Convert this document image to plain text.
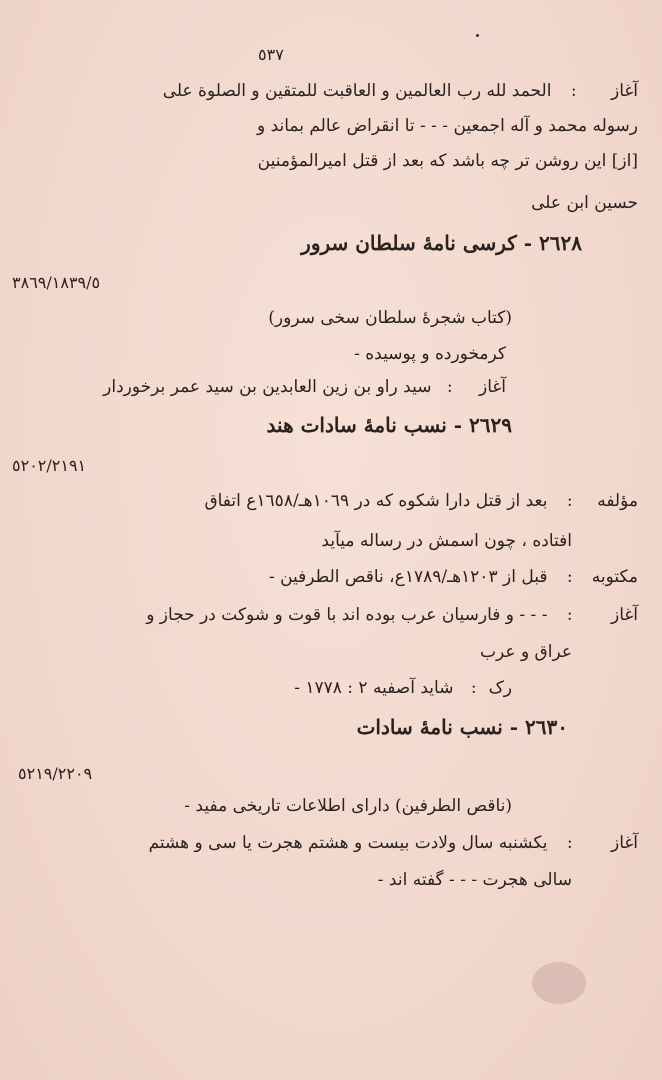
٥٣٧
آغاز : الحمد لله رب العالمین و العاقبت للمتقین و الصلوة علی
رسوله محمد و آله اجمعین - - - تا انقراض عالم بماند و
[از] این روشن تر چه باشد که بعد از قتل امیرالمؤمنین
حسین ابن علی
٢٦٢٨ - کرسی نامهٔ سلطان سرور
٣٨٦٩/١٨٣٩/٥
(کتاب شجرهٔ سلطان سخی سرور)
کرمخورده و پوسیده -
آغاز : سید راو بن زین العابدین بن سید عمر برخوردار
٢٦٢٩ - نسب نامهٔ سادات هند
٥٢٠٢/٢١٩١
مؤلفه : بعد از قتل دارا شکوه که در ١٠٦٩هـ/١٦٥٨ع اتفاق
افتاده ، چون اسمش در رساله میآید
مکتوبه : قبل از ١٢٠٣هـ/١٧٨٩ع، ناقص الطرفین -
آغاز : - - - و فارسیان عرب بوده اند با قوت و شوکت در حجاز و
عراق و عرب
رک : شاید آصفیه ٢ : ١٧٧٨ -
٢٦٣٠ - نسب نامهٔ سادات
٥٢١٩/٢٢٠٩
(ناقص الطرفین) دارای اطلاعات تاریخی مفید -
آغاز : یکشنبه سال ولادت بیست و هشتم هجرت یا سی و هشتم
سالی هجرت - - - گفته اند -
